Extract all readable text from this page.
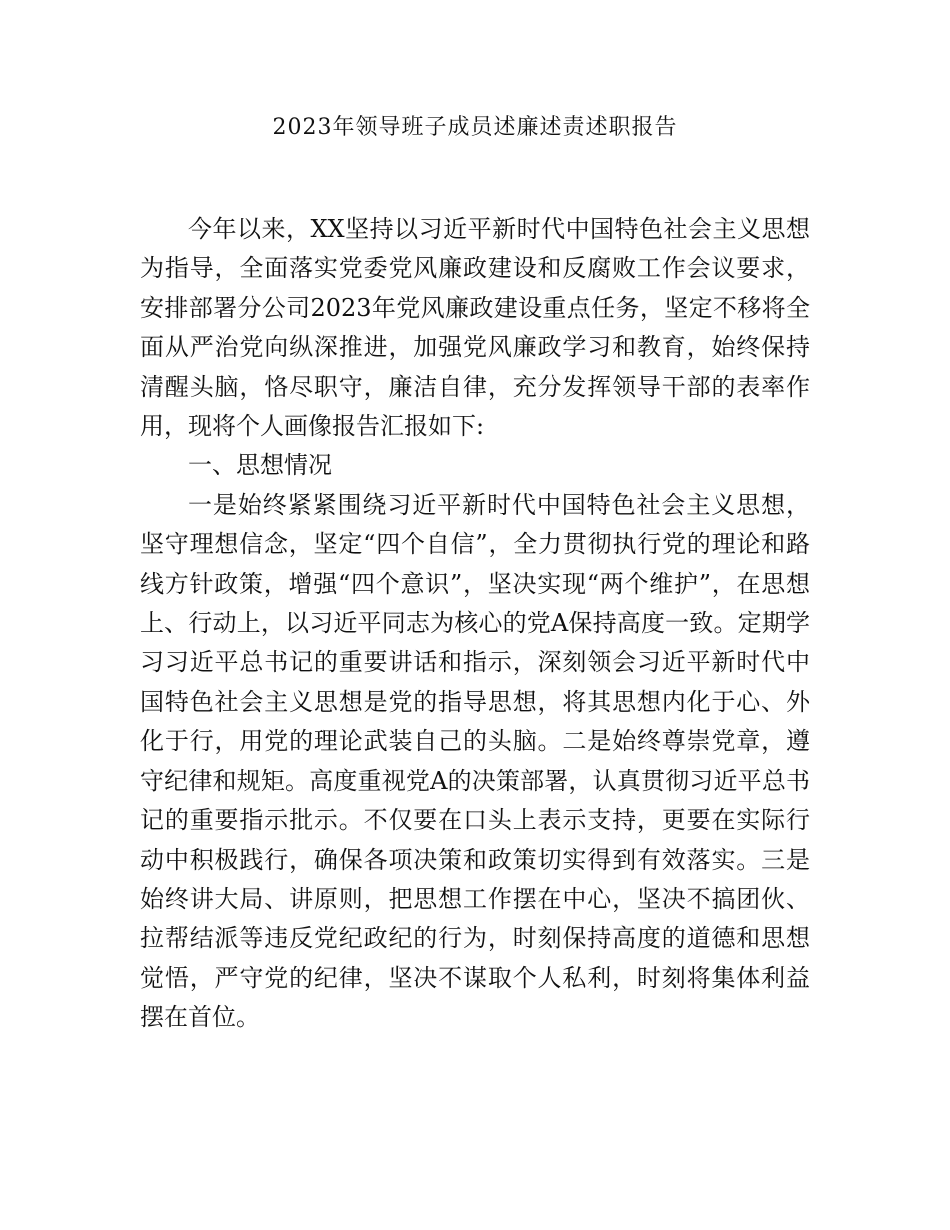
2023年领导班子成员述廉述责述职报告

今年以来，XX坚持以习近平新时代中国特色社会主义思想为指导，全面落实党委党风廉政建设和反腐败工作会议要求，安排部署分公司2023年党风廉政建设重点任务，坚定不移将全面从严治党向纵深推进，加强党风廉政学习和教育，始终保持清醒头脑，恪尽职守，廉洁自律，充分发挥领导干部的表率作用，现将个人画像报告汇报如下:

一、思想情况

一是始终紧紧围绕习近平新时代中国特色社会主义思想，坚守理想信念，坚定“四个自信”，全力贯彻执行党的理论和路线方针政策，增强“四个意识”，坚决实现“两个维护”，在思想上、行动上，以习近平同志为核心的党A保持高度一致。定期学习习近平总书记的重要讲话和指示，深刻领会习近平新时代中国特色社会主义思想是党的指导思想，将其思想内化于心、外化于行，用党的理论武装自己的头脑。二是始终尊崇党章，遵守纪律和规矩。高度重视党A的决策部署，认真贯彻习近平总书记的重要指示批示。不仅要在口头上表示支持，更要在实际行动中积极践行，确保各项决策和政策切实得到有效落实。三是始终讲大局、讲原则，把思想工作摆在中心，坚决不搞团伙、拉帮结派等违反党纪政纪的行为，时刻保持高度的道德和思想觉悟，严守党的纪律，坚决不谋取个人私利，时刻将集体利益摆在首位。
